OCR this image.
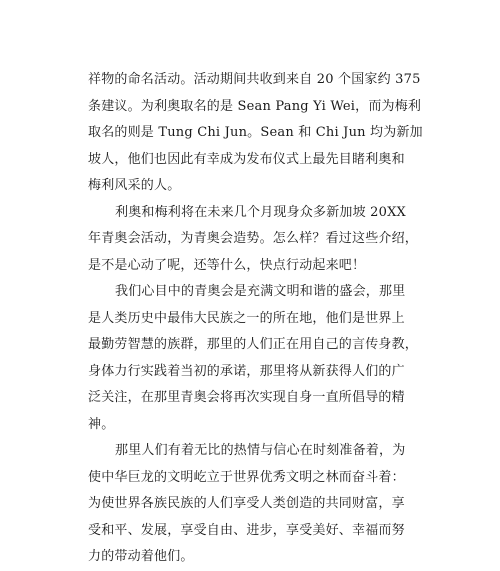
祥物的命名活动。活动期间共收到来自 20 个国家约 375
条建议。为利奥取名的是 Sean Pang Yi Wei，而为梅利
取名的则是 Tung Chi Jun。Sean 和 Chi Jun 均为新加
坡人，他们也因此有幸成为发布仪式上最先目睹利奥和
梅利风采的人。
利奥和梅利将在未来几个月现身众多新加坡 20XX
年青奥会活动，为青奥会造势。怎么样？看过这些介绍，
是不是心动了呢，还等什么，快点行动起来吧！
我们心目中的青奥会是充满文明和谐的盛会，那里
是人类历史中最伟大民族之一的所在地，他们是世界上
最勤劳智慧的族群，那里的人们正在用自己的言传身教，
身体力行实践着当初的承诺，那里将从新获得人们的广
泛关注，在那里青奥会将再次实现自身一直所倡导的精
神。
那里人们有着无比的热情与信心在时刻准备着，为
使中华巨龙的文明屹立于世界优秀文明之林而奋斗着：
为使世界各族民族的人们享受人类创造的共同财富，享
受和平、发展，享受自由、进步，享受美好、幸福而努
力的带动着他们。
